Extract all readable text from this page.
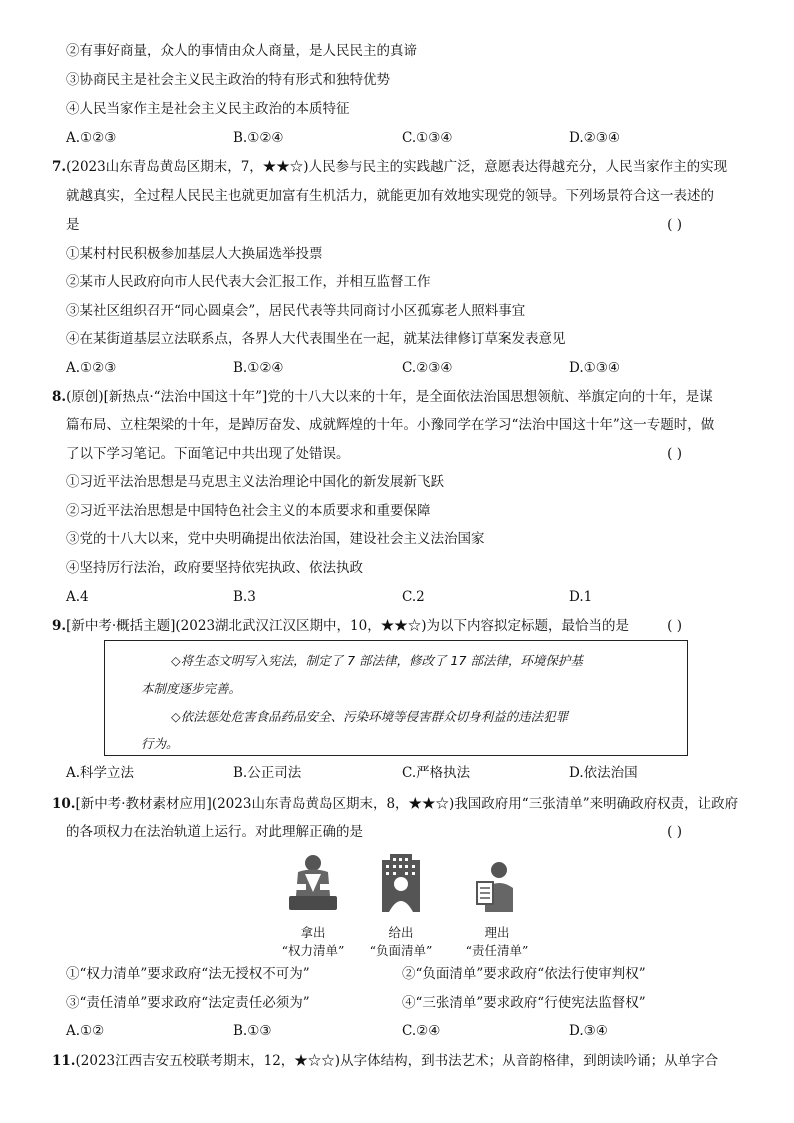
②有事好商量，众人的事情由众人商量，是人民民主的真谛
③协商民主是社会主义民主政治的特有形式和独特优势
④人民当家作主是社会主义民主政治的本质特征
A.①②③	B.①②④	C.①③④	D.②③④
7.(2023山东青岛黄岛区期末，7，★★☆)人民参与民主的实践越广泛，意愿表达得越充分，人民当家作主的实现
就越真实，全过程人民民主也就更加富有生机活力，就能更加有效地实现党的领导。下列场景符合这一表述的
是	( )
①某村村民积极参加基层人大换届选举投票
②某市人民政府向市人民代表大会汇报工作，并相互监督工作
③某社区组织召开“同心圆桌会”，居民代表等共同商讨小区孤寡老人照料事宜
④在某街道基层立法联系点，各界人大代表围坐在一起，就某法律修订草案发表意见
A.①②③	B.①②④	C.②③④	D.①③④
8.(原创)[新热点·“法治中国这十年”]党的十八大以来的十年，是全面依法治国思想领航、举旗定向的十年，是谋
篇布局、立柱架梁的十年，是踔厉奋发、成就辉煌的十年。小豫同学在学习“法治中国这十年”这一专题时，做
了以下学习笔记。下面笔记中共出现了处错误。	( )
①习近平法治思想是马克思主义法治理论中国化的新发展新飞跃
②习近平法治思想是中国特色社会主义的本质要求和重要保障
③党的十八大以来，党中央明确提出依法治国，建设社会主义法治国家
④坚持厉行法治，政府要坚持依宪执政、依法执政
A.4	B.3	C.2	D.1
9.[新中考·概括主题](2023湖北武汉江汉区期中，10，★★☆)为以下内容拟定标题，最恰当的是	( )
◇将生态文明写入宪法，制定了 7 部法律，修改了 17 部法律，环境保护基
本制度逐步完善。
◇依法惩处危害食品药品安全、污染环境等侵害群众切身利益的违法犯罪
行为。
A.科学立法	B.公正司法	C.严格执法	D.依法治国
10.[新中考·教材素材应用](2023山东青岛黄岛区期末，8，★★☆)我国政府用“三张清单”来明确政府权责，让政府
的各项权力在法治轨道上运行。对此理解正确的是	( )
拿出
“权力清单”
给出
“负面清单”
理出
“责任清单”
①“权力清单”要求政府“法无授权不可为”	②“负面清单”要求政府“依法行使审判权”
③“责任清单”要求政府“法定责任必须为”	④“三张清单”要求政府“行使宪法监督权”
A.①②	B.①③	C.②④	D.③④
11.(2023江西吉安五校联考期末，12，★☆☆)从字体结构，到书法艺术；从音韵格律，到朗读吟诵；从单字合
